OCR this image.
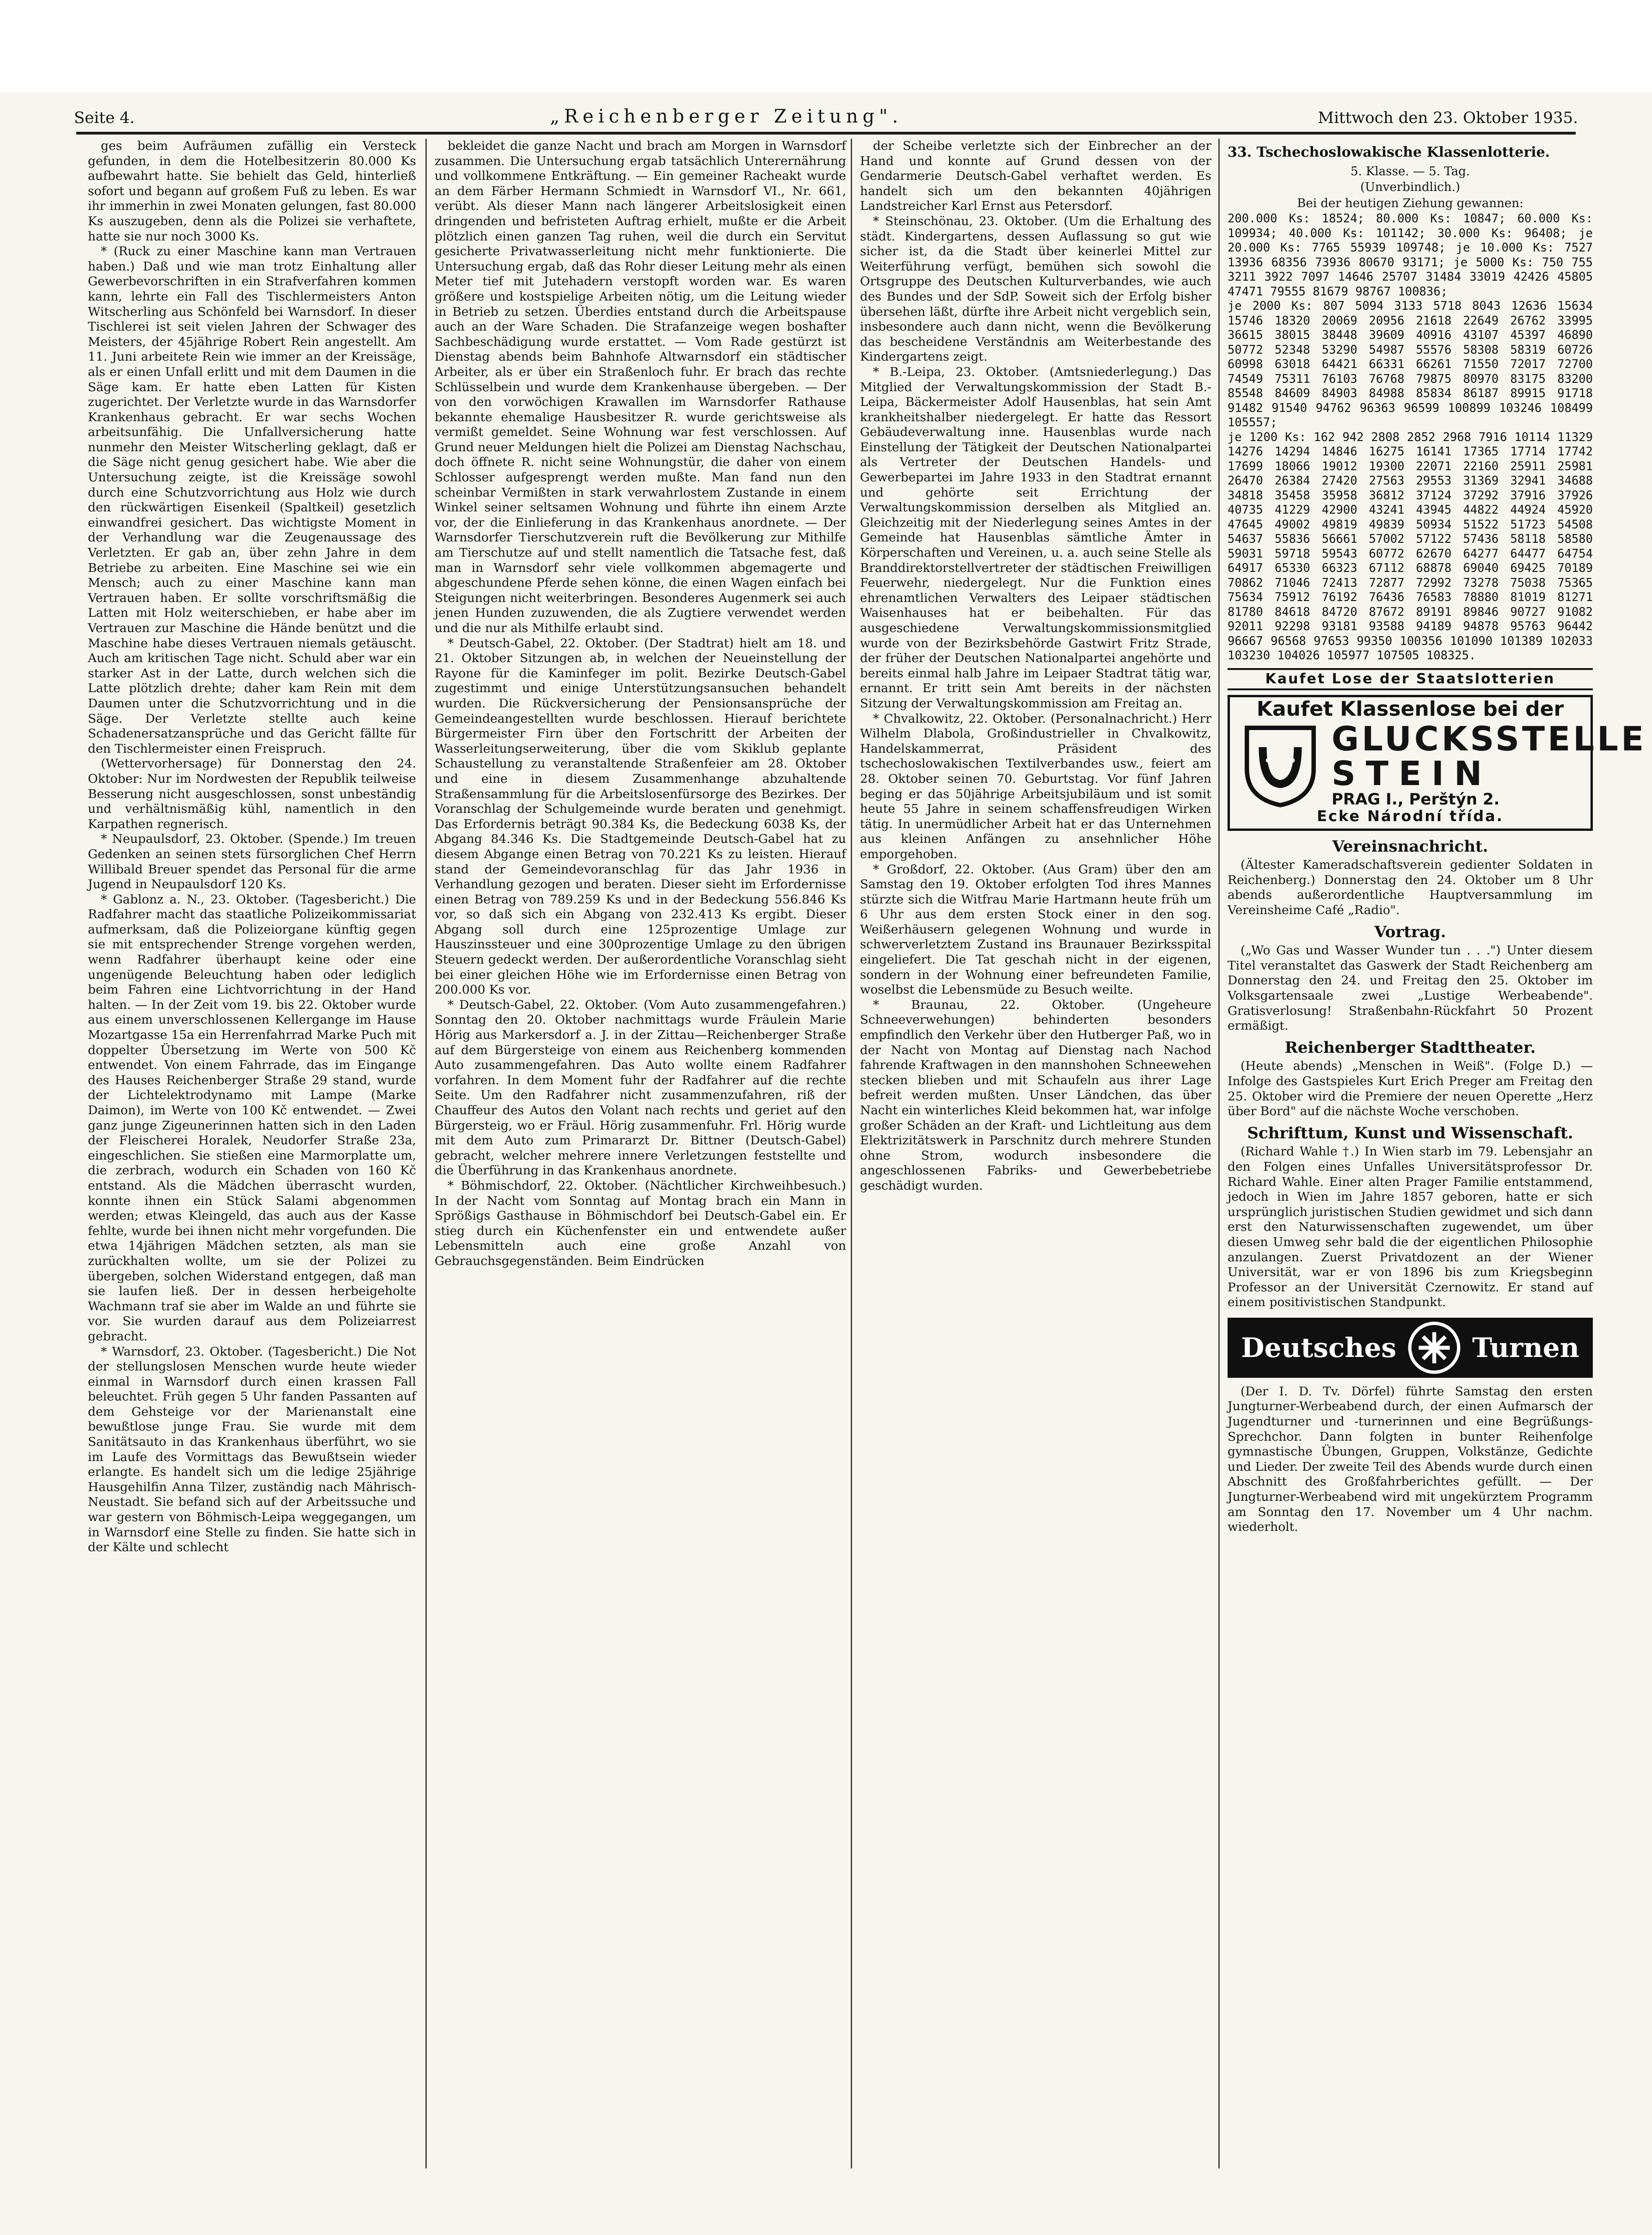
Seite 4.	„Reichenberger Zeitung".	Mittwoch den 23. Oktober 1935.

ges beim Aufräumen zufällig ein Versteck gefunden, in dem die Hotelbesitzerin 80.000 Ks aufbewahrt hatte. Sie behielt das Geld, hinterließ sofort und begann auf großem Fuß zu leben. Es war ihr immerhin in zwei Monaten gelungen, fast 80.000 Ks auszugeben, denn als die Polizei sie verhaftete, hatte sie nur noch 3000 Ks.

* (Ruck zu einer Maschine kann man Vertrauen haben.) Daß und wie man trotz Einhaltung aller Gewerbevorschriften in ein Strafverfahren kommen kann, lehrte ein Fall des Tischlermeisters Anton Witscherling aus Schönfeld bei Warnsdorf. In dieser Tischlerei ist seit vielen Jahren der Schwager des Meisters, der 45jährige Robert Rein angestellt. Am 11. Juni arbeitete Rein wie immer an der Kreissäge, als er einen Unfall erlitt und mit dem Daumen in die Säge kam. Er hatte eben Latten für Kisten zugerichtet. Der Verletzte wurde in das Warnsdorfer Krankenhaus gebracht. Er war sechs Wochen arbeitsunfähig. Die Unfallversicherung hatte nunmehr den Meister Witscherling geklagt, daß er die Säge nicht genug gesichert habe. Wie aber die Untersuchung zeigte, ist die Kreissäge sowohl durch eine Schutzvorrichtung aus Holz wie durch den rückwärtigen Eisenkeil (Spaltkeil) gesetzlich einwandfrei gesichert. Das wichtigste Moment in der Verhandlung war die Zeugenaussage des Verletzten. Er gab an, über zehn Jahre in dem Betriebe zu arbeiten. Eine Maschine sei wie ein Mensch; auch zu einer Maschine kann man Vertrauen haben. Er sollte vorschriftsmäßig die Latten mit Holz weiterschieben, er habe aber im Vertrauen zur Maschine die Hände benützt und die Maschine habe dieses Vertrauen niemals getäuscht. Auch am kritischen Tage nicht. Schuld aber war ein starker Ast in der Latte, durch welchen sich die Latte plötzlich drehte; daher kam Rein mit dem Daumen unter die Schutzvorrichtung und in die Säge. Der Verletzte stellte auch keine Schadenersatzansprüche und das Gericht fällte für den Tischlermeister einen Freispruch.

(Wettervorhersage) für Donnerstag den 24. Oktober: Nur im Nordwesten der Republik teilweise Besserung nicht ausgeschlossen, sonst unbeständig und verhältnismäßig kühl, namentlich in den Karpathen regnerisch.

* Neupaulsdorf, 23. Oktober. (Spende.) Im treuen Gedenken an seinen stets fürsorglichen Chef Herrn Willibald Breuer spendet das Personal für die arme Jugend in Neupaulsdorf 120 Ks.

* Gablonz a. N., 23. Oktober. (Tagesbericht.) Die Radfahrer macht das staatliche Polizeikommissariat aufmerksam, daß die Polizeiorgane künftig gegen sie mit entsprechender Strenge vorgehen werden, wenn Radfahrer überhaupt keine oder eine ungenügende Beleuchtung haben oder lediglich beim Fahren eine Lichtvorrichtung in der Hand halten. — In der Zeit vom 19. bis 22. Oktober wurde aus einem unverschlossenen Kellergange im Hause Mozartgasse 15a ein Herrenfahrrad Marke Puch mit doppelter Übersetzung im Werte von 500 Kč entwendet. Von einem Fahrrade, das im Eingange des Hauses Reichenberger Straße 29 stand, wurde der Lichtelektrodynamo mit Lampe (Marke Daimon), im Werte von 100 Kč entwendet. — Zwei ganz junge Zigeunerinnen hatten sich in den Laden der Fleischerei Horalek, Neudorfer Straße 23a, eingeschlichen. Sie stießen eine Marmorplatte um, die zerbrach, wodurch ein Schaden von 160 Kč entstand. Als die Mädchen überrascht wurden, konnte ihnen ein Stück Salami abgenommen werden; etwas Kleingeld, das auch aus der Kasse fehlte, wurde bei ihnen nicht mehr vorgefunden. Die etwa 14jährigen Mädchen setzten, als man sie zurückhalten wollte, um sie der Polizei zu übergeben, solchen Widerstand entgegen, daß man sie laufen ließ. Der in dessen herbeigeholte Wachmann traf sie aber im Walde an und führte sie vor. Sie wurden darauf aus dem Polizeiarrest gebracht.

* Warnsdorf, 23. Oktober. (Tagesbericht.) Die Not der stellungslosen Menschen wurde heute wieder einmal in Warnsdorf durch einen krassen Fall beleuchtet. Früh gegen 5 Uhr fanden Passanten auf dem Gehsteige vor der Marienanstalt eine bewußtlose junge Frau. Sie wurde mit dem Sanitätsauto in das Krankenhaus überführt, wo sie im Laufe des Vormittags das Bewußtsein wieder erlangte. Es handelt sich um die ledige 25jährige Hausgehilfin Anna Tilzer, zuständig nach Mährisch-Neustadt. Sie befand sich auf der Arbeitssuche und war gestern von Böhmisch-Leipa weggegangen, um in Warnsdorf eine Stelle zu finden. Sie hatte sich in der Kälte und schlecht

bekleidet die ganze Nacht und brach am Morgen in Warnsdorf zusammen. Die Untersuchung ergab tatsächlich Unterernährung und vollkommene Entkräftung. — Ein gemeiner Racheakt wurde an dem Färber Hermann Schmiedt in Warnsdorf VI., Nr. 661, verübt. Als dieser Mann nach längerer Arbeitslosigkeit einen dringenden und befristeten Auftrag erhielt, mußte er die Arbeit plötzlich einen ganzen Tag ruhen, weil die durch ein Servitut gesicherte Privatwasserleitung nicht mehr funktionierte. Die Untersuchung ergab, daß das Rohr dieser Leitung mehr als einen Meter tief mit Jutehadern verstopft worden war. Es waren größere und kostspielige Arbeiten nötig, um die Leitung wieder in Betrieb zu setzen. Überdies entstand durch die Arbeitspause auch an der Ware Schaden. Die Strafanzeige wegen boshafter Sachbeschädigung wurde erstattet. — Vom Rade gestürzt ist Dienstag abends beim Bahnhofe Altwarnsdorf ein städtischer Arbeiter, als er über ein Straßenloch fuhr. Er brach das rechte Schlüsselbein und wurde dem Krankenhause übergeben. — Der von den vorwöchigen Krawallen im Warnsdorfer Rathause bekannte ehemalige Hausbesitzer R. wurde gerichtsweise als vermißt gemeldet. Seine Wohnung war fest verschlossen. Auf Grund neuer Meldungen hielt die Polizei am Dienstag Nachschau, doch öffnete R. nicht seine Wohnungstür, die daher von einem Schlosser aufgesprengt werden mußte. Man fand nun den scheinbar Vermißten in stark verwahrlostem Zustande in einem Winkel seiner seltsamen Wohnung und führte ihn einem Arzte vor, der die Einlieferung in das Krankenhaus anordnete. — Der Warnsdorfer Tierschutzverein ruft die Bevölkerung zur Mithilfe am Tierschutze auf und stellt namentlich die Tatsache fest, daß man in Warnsdorf sehr viele vollkommen abgemagerte und abgeschundene Pferde sehen könne, die einen Wagen einfach bei Steigungen nicht weiterbringen. Besonderes Augenmerk sei auch jenen Hunden zuzuwenden, die als Zugtiere verwendet werden und die nur als Mithilfe erlaubt sind.

* Deutsch-Gabel, 22. Oktober. (Der Stadtrat) hielt am 18. und 21. Oktober Sitzungen ab, in welchen der Neueinstellung der Rayone für die Kaminfeger im polit. Bezirke Deutsch-Gabel zugestimmt und einige Unterstützungsansuchen behandelt wurden. Die Rückversicherung der Pensionsansprüche der Gemeindeangestellten wurde beschlossen. Hierauf berichtete Bürgermeister Firn über den Fortschritt der Arbeiten der Wasserleitungserweiterung, über die vom Skiklub geplante Schaustellung zu veranstaltende Straßenfeier am 28. Oktober und eine in diesem Zusammenhange abzuhaltende Straßensammlung für die Arbeitslosenfürsorge des Bezirkes. Der Voranschlag der Schulgemeinde wurde beraten und genehmigt. Das Erfordernis beträgt 90.384 Ks, die Bedeckung 6038 Ks, der Abgang 84.346 Ks. Die Stadtgemeinde Deutsch-Gabel hat zu diesem Abgange einen Betrag von 70.221 Ks zu leisten. Hierauf stand der Gemeindevoranschlag für das Jahr 1936 in Verhandlung gezogen und beraten. Dieser sieht im Erfordernisse einen Betrag von 789.259 Ks und in der Bedeckung 556.846 Ks vor, so daß sich ein Abgang von 232.413 Ks ergibt. Dieser Abgang soll durch eine 125prozentige Umlage zur Hauszinssteuer und eine 300prozentige Umlage zu den übrigen Steuern gedeckt werden. Der außerordentliche Voranschlag sieht bei einer gleichen Höhe wie im Erfordernisse einen Betrag von 200.000 Ks vor.

* Deutsch-Gabel, 22. Oktober. (Vom Auto zusammengefahren.) Sonntag den 20. Oktober nachmittags wurde Fräulein Marie Hörig aus Markersdorf a. J. in der Zittau—Reichenberger Straße auf dem Bürgersteige von einem aus Reichenberg kommenden Auto zusammengefahren. Das Auto wollte einem Radfahrer vorfahren. In dem Moment fuhr der Radfahrer auf die rechte Seite. Um den Radfahrer nicht zusammenzufahren, riß der Chauffeur des Autos den Volant nach rechts und geriet auf den Bürgersteig, wo er Fräul. Hörig zusammenfuhr. Frl. Hörig wurde mit dem Auto zum Primararzt Dr. Bittner (Deutsch-Gabel) gebracht, welcher mehrere innere Verletzungen feststellte und die Überführung in das Krankenhaus anordnete.

* Böhmischdorf, 22. Oktober. (Nächtlicher Kirchweihbesuch.) In der Nacht vom Sonntag auf Montag brach ein Mann in Sprößigs Gasthause in Böhmischdorf bei Deutsch-Gabel ein. Er stieg durch ein Küchenfenster ein und entwendete außer Lebensmitteln auch eine große Anzahl von Gebrauchsgegenständen. Beim Eindrücken

der Scheibe verletzte sich der Einbrecher an der Hand und konnte auf Grund dessen von der Gendarmerie Deutsch-Gabel verhaftet werden. Es handelt sich um den bekannten 40jährigen Landstreicher Karl Ernst aus Petersdorf.

* Steinschönau, 23. Oktober. (Um die Erhaltung des städt. Kindergartens, dessen Auflassung so gut wie sicher ist, da die Stadt über keinerlei Mittel zur Weiterführung verfügt, bemühen sich sowohl die Ortsgruppe des Deutschen Kulturverbandes, wie auch des Bundes und der SdP. Soweit sich der Erfolg bisher übersehen läßt, dürfte ihre Arbeit nicht vergeblich sein, insbesondere auch dann nicht, wenn die Bevölkerung das bescheidene Verständnis am Weiterbestande des Kindergartens zeigt.

* B.-Leipa, 23. Oktober. (Amtsniederlegung.) Das Mitglied der Verwaltungskommission der Stadt B.-Leipa, Bäckermeister Adolf Hausenblas, hat sein Amt krankheitshalber niedergelegt. Er hatte das Ressort Gebäudeverwaltung inne. Hausenblas wurde nach Einstellung der Tätigkeit der Deutschen Nationalpartei als Vertreter der Deutschen Handels- und Gewerbepartei im Jahre 1933 in den Stadtrat ernannt und gehörte seit Errichtung der Verwaltungskommission derselben als Mitglied an. Gleichzeitig mit der Niederlegung seines Amtes in der Gemeinde hat Hausenblas sämtliche Ämter in Körperschaften und Vereinen, u. a. auch seine Stelle als Branddirektorstellvertreter der städtischen Freiwilligen Feuerwehr, niedergelegt. Nur die Funktion eines ehrenamtlichen Verwalters des Leipaer städtischen Waisenhauses hat er beibehalten. Für das ausgeschiedene Verwaltungskommissionsmitglied wurde von der Bezirksbehörde Gastwirt Fritz Strade, der früher der Deutschen Nationalpartei angehörte und bereits einmal halb Jahre im Leipaer Stadtrat tätig war, ernannt. Er tritt sein Amt bereits in der nächsten Sitzung der Verwaltungskommission am Freitag an.

* Chvalkowitz, 22. Oktober. (Personalnachricht.) Herr Wilhelm Dlabola, Großindustrieller in Chvalkowitz, Handelskammerrat, Präsident des tschechoslowakischen Textilverbandes usw., feiert am 28. Oktober seinen 70. Geburtstag. Vor fünf Jahren beging er das 50jährige Arbeitsjubiläum und ist somit heute 55 Jahre in seinem schaffensfreudigen Wirken tätig. In unermüdlicher Arbeit hat er das Unternehmen aus kleinen Anfängen zu ansehnlicher Höhe emporgehoben.

* Großdorf, 22. Oktober. (Aus Gram) über den am Samstag den 19. Oktober erfolgten Tod ihres Mannes stürzte sich die Witfrau Marie Hartmann heute früh um 6 Uhr aus dem ersten Stock einer in den sog. Weißerhäusern gelegenen Wohnung und wurde in schwerverletztem Zustand ins Braunauer Bezirksspital eingeliefert. Die Tat geschah nicht in der eigenen, sondern in der Wohnung einer befreundeten Familie, woselbst die Lebensmüde zu Besuch weilte.

* Braunau, 22. Oktober. (Ungeheure Schneeverwehungen) behinderten besonders empfindlich den Verkehr über den Hutberger Paß, wo in der Nacht von Montag auf Dienstag nach Nachod fahrende Kraftwagen in den mannshohen Schneewehen stecken blieben und mit Schaufeln aus ihrer Lage befreit werden mußten. Unser Ländchen, das über Nacht ein winterliches Kleid bekommen hat, war infolge großer Schäden an der Kraft- und Lichtleitung aus dem Elektrizitätswerk in Parschnitz durch mehrere Stunden ohne Strom, wodurch insbesondere die angeschlossenen Fabriks- und Gewerbebetriebe geschädigt wurden.

33. Tschechoslowakische Klassenlotterie.
5. Klasse. — 5. Tag.
(Unverbindlich.)
Bei der heutigen Ziehung gewannen:

200.000 Ks: 18524; 80.000 Ks: 10847; 60.000 Ks: 109934; 40.000 Ks: 101142; 30.000 Ks: 96408; je 20.000 Ks: 7765 55939 109748; je 10.000 Ks: 7527 13936 68356 73936 80670 93171; je 5000 Ks: 750 755 3211 3922 7097 14646 25707 31484 33019 42426 45805 47471 79555 81679 98767 100836;

je 2000 Ks: 807 5094 3133 5718 8043 12636 15634 15746 18320 20069 20956 21618 22649 26762 33995 36615 38015 38448 39609 40916 43107 45397 46890 50772 52348 53290 54987 55576 58308 58319 60726 60998 63018 64421 66331 66261 71550 72017 72700 74549 75311 76103 76768 79875 80970 83175 83200 85548 84609 84903 84988 85834 86187 89915 91718 91482 91540 94762 96363 96599 100899 103246 108499 105557;

je 1200 Ks: 162 942 2808 2852 2968 7916 10114 11329 14276 14294 14846 16275 16141 17365 17714 17742 17699 18066 19012 19300 22071 22160 25911 25981 26470 26384 27420 27563 29553 31369 32941 34688 34818 35458 35958 36812 37124 37292 37916 37926 40735 41229 42900 43241 43945 44822 44924 45920 47645 49002 49819 49839 50934 51522 51723 54508 54637 55836 56661 57002 57122 57436 58118 58580 59031 59718 59543 60772 62670 64277 64477 64754 64917 65330 66323 67112 68878 69040 69425 70189 70862 71046 72413 72877 72992 73278 75038 75365 75634 75912 76192 76436 76583 78880 81019 81271 81780 84618 84720 87672 89191 89846 90727 91082 92011 92298 93181 93588 94189 94878 95763 96442 96667 96568 97653 99350 100356 101090 101389 102033 103230 104026 105977 107505 108325.

Kaufet Lose der Staatslotterien
Kaufet Klassenlose bei der
GLUCKSSTELLE
STEIN
PRAG I., Perštýn 2.
Ecke Národní třída.
Vereinsnachricht.

(Ältester Kameradschaftsverein gedienter Soldaten in Reichenberg.) Donnerstag den 24. Oktober um 8 Uhr abends außerordentliche Hauptversammlung im Vereinsheime Café „Radio".

Vortrag.

(„Wo Gas und Wasser Wunder tun . . .") Unter diesem Titel veranstaltet das Gaswerk der Stadt Reichenberg am Donnerstag den 24. und Freitag den 25. Oktober im Volksgartensaale zwei „Lustige Werbeabende". Gratisverlosung! Straßenbahn-Rückfahrt 50 Prozent ermäßigt.

Reichenberger Stadttheater.

(Heute abends) „Menschen in Weiß". (Folge D.) — Infolge des Gastspieles Kurt Erich Preger am Freitag den 25. Oktober wird die Premiere der neuen Operette „Herz über Bord" auf die nächste Woche verschoben.

Schrifttum, Kunst und Wissenschaft.

(Richard Wahle †.) In Wien starb im 79. Lebensjahr an den Folgen eines Unfalles Universitätsprofessor Dr. Richard Wahle. Einer alten Prager Familie entstammend, jedoch in Wien im Jahre 1857 geboren, hatte er sich ursprünglich juristischen Studien gewidmet und sich dann erst den Naturwissenschaften zugewendet, um über diesen Umweg sehr bald die der eigentlichen Philosophie anzulangen. Zuerst Privatdozent an der Wiener Universität, war er von 1896 bis zum Kriegsbeginn Professor an der Universität Czernowitz. Er stand auf einem positivistischen Standpunkt.

Deutsches	Turnen

(Der I. D. Tv. Dörfel) führte Samstag den ersten Jungturner-Werbeabend durch, der einen Aufmarsch der Jugendturner und -turnerinnen und eine Begrüßungs-Sprechchor. Dann folgten in bunter Reihenfolge gymnastische Übungen, Gruppen, Volkstänze, Gedichte und Lieder. Der zweite Teil des Abends wurde durch einen Abschnitt des Großfahrberichtes gefüllt. — Der Jungturner-Werbeabend wird mit ungekürztem Programm am Sonntag den 17. November um 4 Uhr nachm. wiederholt.
